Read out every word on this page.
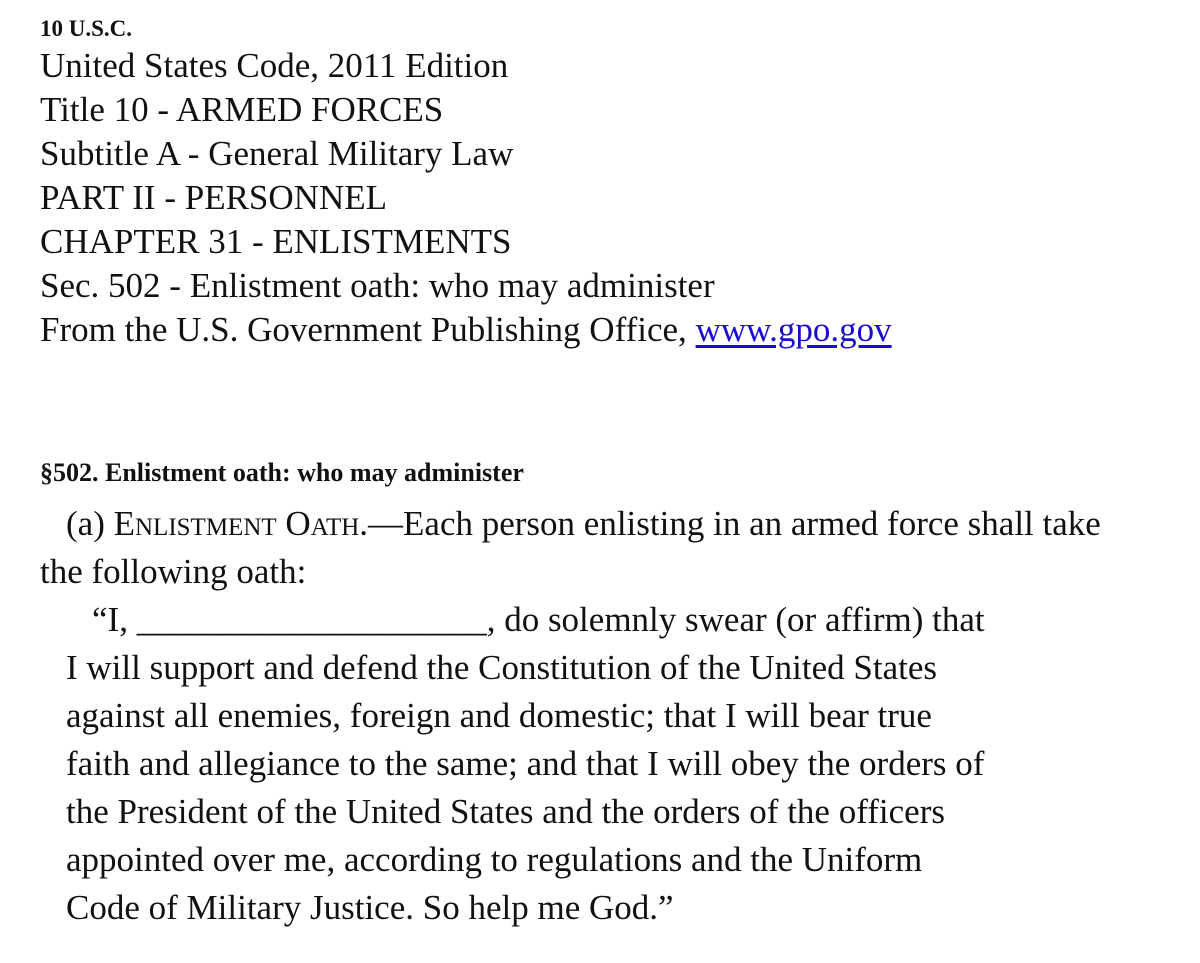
10 U.S.C.

United States Code, 2011 Edition

Title 10 - ARMED FORCES

Subtitle A - General Military Law

PART II - PERSONNEL

CHAPTER 31 - ENLISTMENTS

Sec. 502 - Enlistment oath: who may administer

From the U.S. Government Publishing Office, www.gpo.gov

§502. Enlistment oath: who may administer

(a) Enlistment Oath.—Each person enlisting in an armed force shall take the following oath:

“I, ____________________, do solemnly swear (or affirm) that
I will support and defend the Constitution of the United States
against all enemies, foreign and domestic; that I will bear true
faith and allegiance to the same; and that I will obey the orders of
the President of the United States and the orders of the officers
appointed over me, according to regulations and the Uniform
Code of Military Justice. So help me God.”
